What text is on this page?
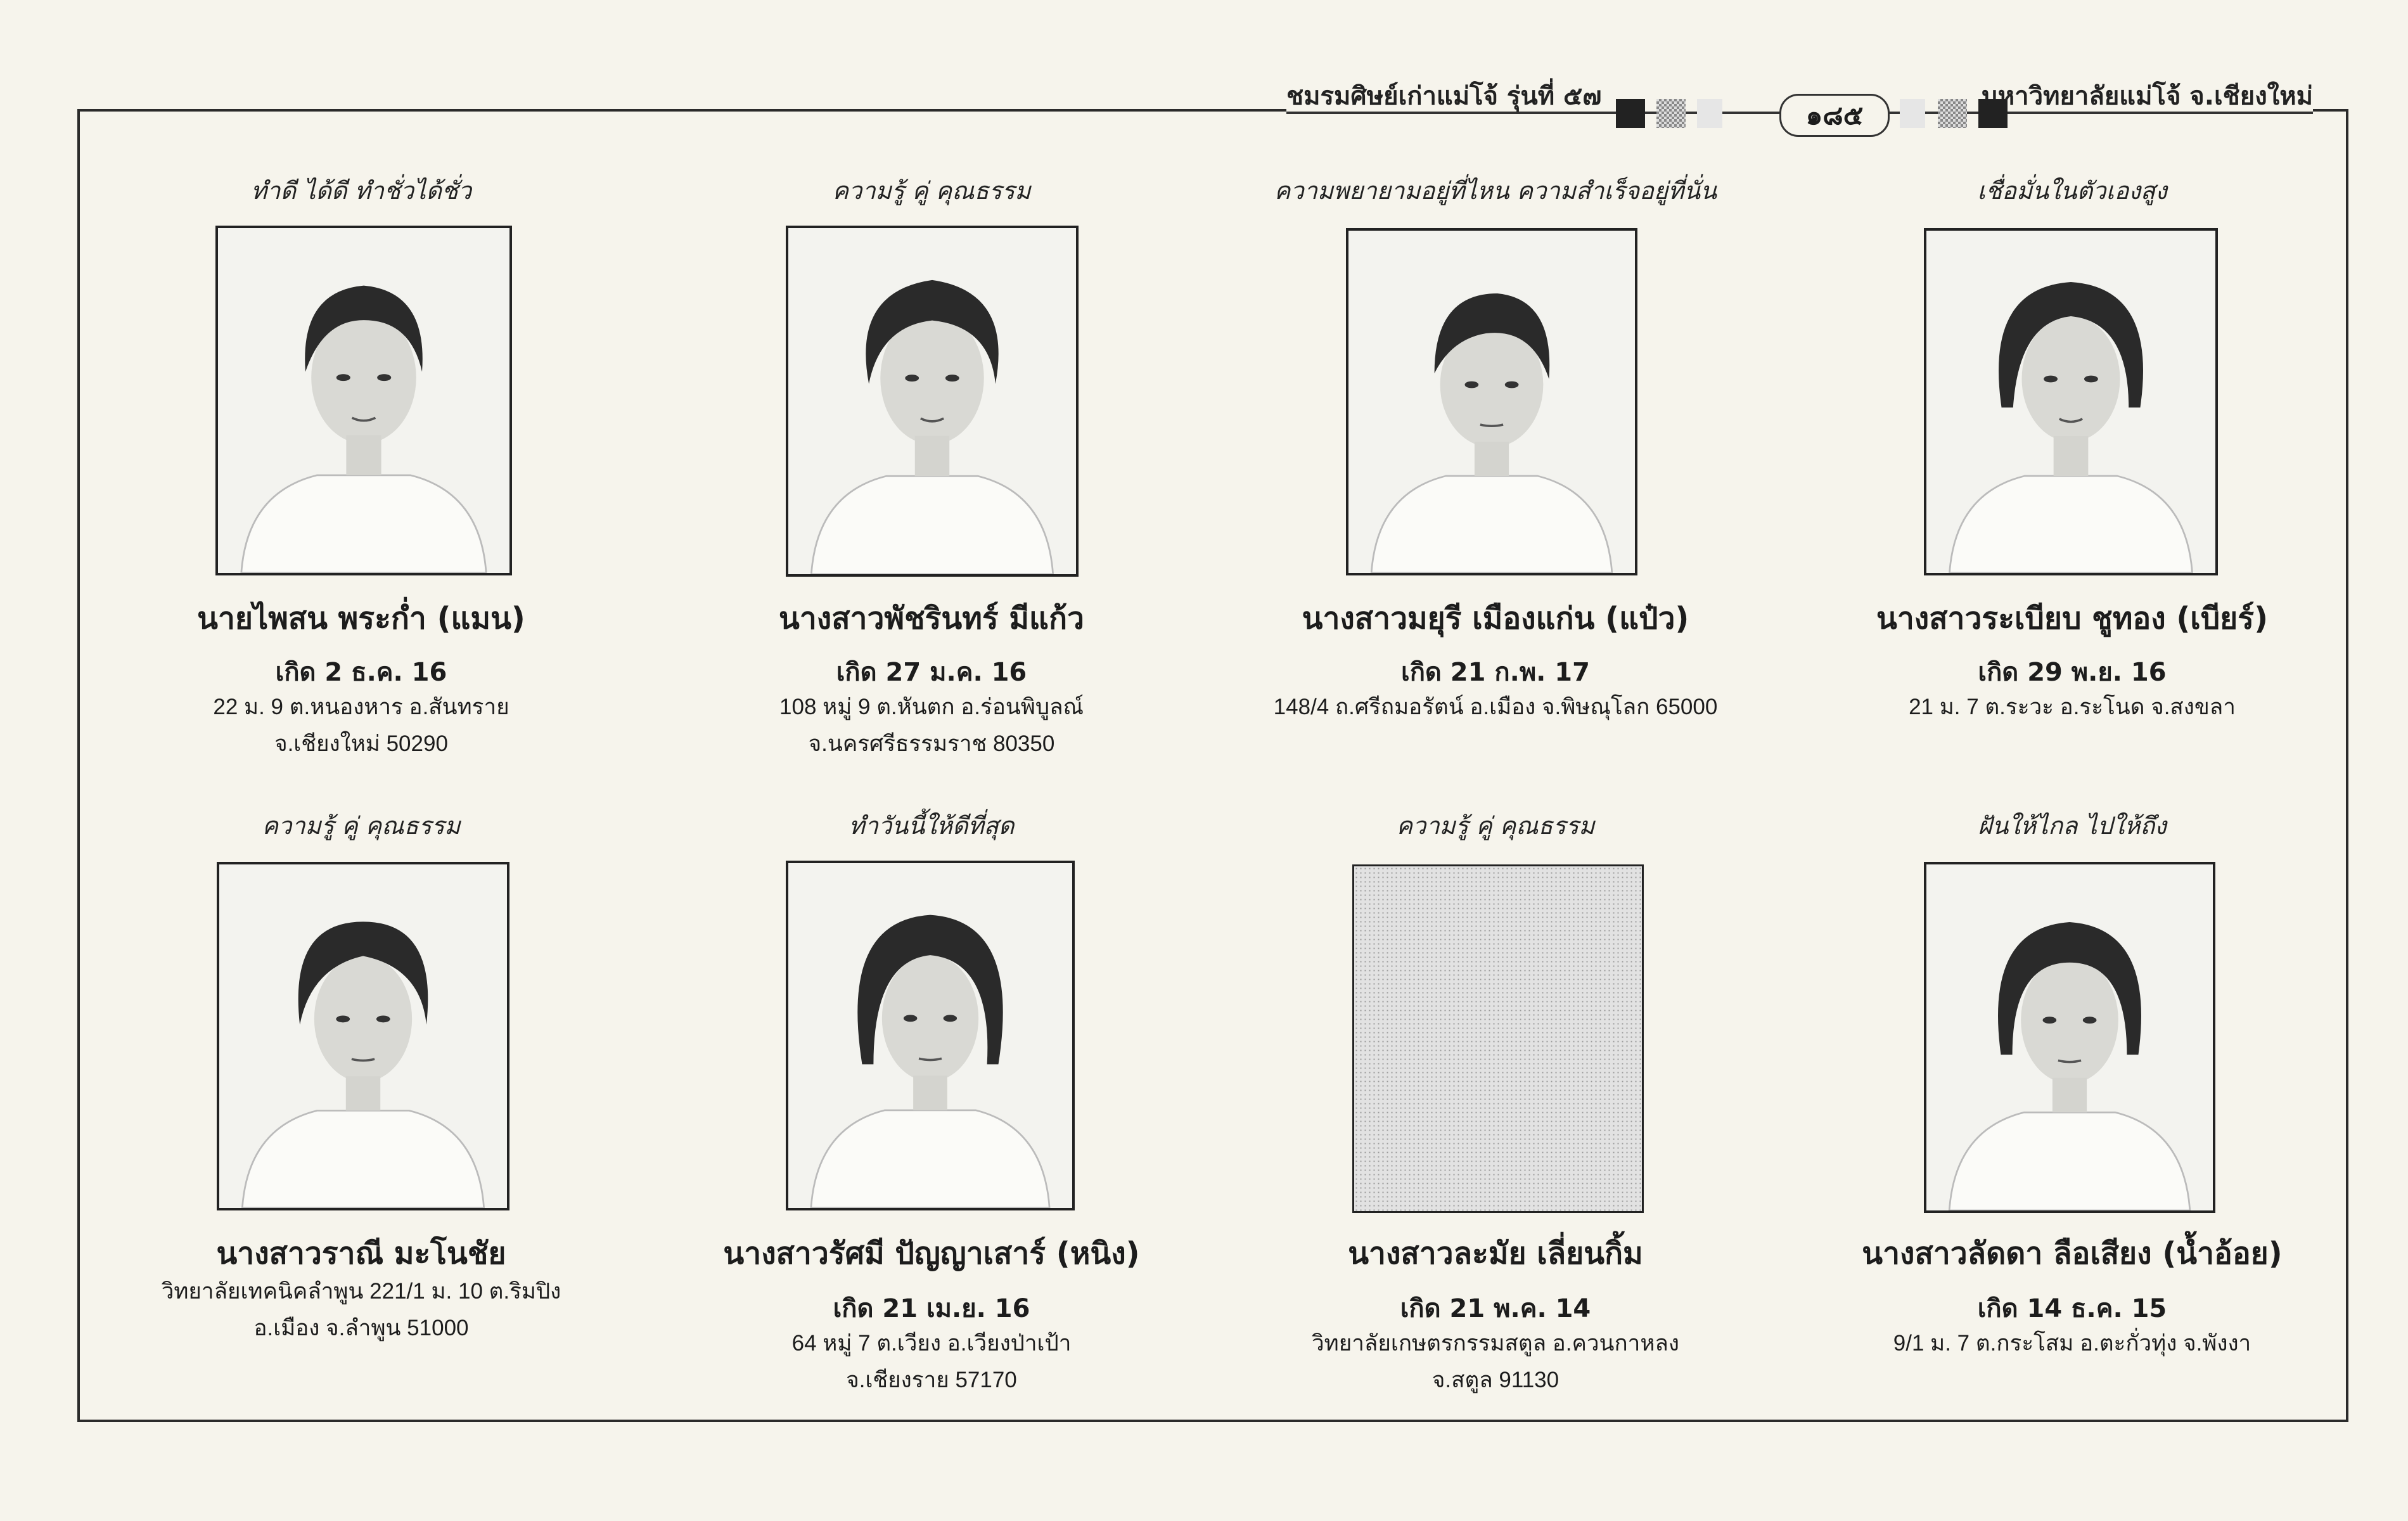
ชมรมศิษย์เก่าแม่โจ้ รุ่นที่ ๕๗
๑๘๕
มหาวิทยาลัยแม่โจ้ จ.เชียงใหม่
ทำดี ได้ดี ทำชั่วได้ชั่ว
นายไพสน พระก่ำ (แมน)
เกิด 2 ธ.ค. 16
22 ม. 9 ต.หนองหาร อ.สันทราย
จ.เชียงใหม่ 50290
ความรู้ คู่ คุณธรรม
นางสาวพัชรินทร์ มีแก้ว
เกิด 27 ม.ค. 16
108 หมู่ 9 ต.หันตก อ.ร่อนพิบูลณ์
จ.นครศรีธรรมราช 80350
ความพยายามอยู่ที่ไหน ความสำเร็จอยู่ที่นั่น
นางสาวมยุรี เมืองแก่น (แป๋ว)
เกิด 21 ก.พ. 17
148/4 ถ.ศรีถมอรัตน์ อ.เมือง จ.พิษณุโลก 65000
เชื่อมั่นในตัวเองสูง
นางสาวระเบียบ ชูทอง (เบียร์)
เกิด 29 พ.ย. 16
21 ม. 7 ต.ระวะ อ.ระโนด จ.สงขลา
ความรู้ คู่ คุณธรรม
นางสาวราณี มะโนชัย
วิทยาลัยเทคนิคลำพูน 221/1 ม. 10 ต.ริมปิง
อ.เมือง จ.ลำพูน 51000
ทำวันนี้ให้ดีที่สุด
นางสาวรัศมี ปัญญาเสาร์ (หนิง)
เกิด 21 เม.ย. 16
64 หมู่ 7 ต.เวียง อ.เวียงป่าเป้า
จ.เชียงราย 57170
ความรู้ คู่ คุณธรรม
นางสาวละมัย เลี่ยนกิ้ม
เกิด 21 พ.ค. 14
วิทยาลัยเกษตรกรรมสตูล อ.ควนกาหลง
จ.สตูล 91130
ฝันให้ไกล ไปให้ถึง
นางสาวลัดดา ลือเสียง (น้ำอ้อย)
เกิด 14 ธ.ค. 15
9/1 ม. 7 ต.กระโสม อ.ตะกั่วทุ่ง จ.พังงา
